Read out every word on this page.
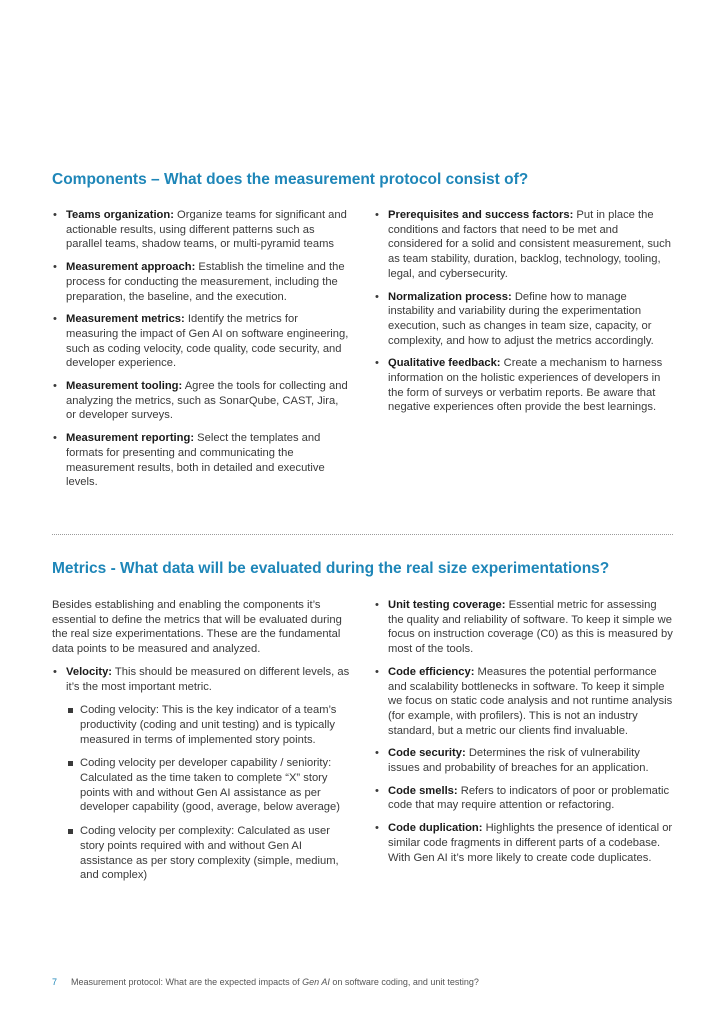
Components – What does the measurement protocol consist of?
• Teams organization: Organize teams for significant and actionable results, using different patterns such as parallel teams, shadow teams, or multi-pyramid teams
• Measurement approach: Establish the timeline and the process for conducting the measurement, including the preparation, the baseline, and the execution.
• Measurement metrics: Identify the metrics for measuring the impact of Gen AI on software engineering, such as coding velocity, code quality, code security, and developer experience.
• Measurement tooling: Agree the tools for collecting and analyzing the metrics, such as SonarQube, CAST, Jira, or developer surveys.
• Measurement reporting: Select the templates and formats for presenting and communicating the measurement results, both in detailed and executive levels.
• Prerequisites and success factors: Put in place the conditions and factors that need to be met and considered for a solid and consistent measurement, such as team stability, duration, backlog, technology, tooling, legal, and cybersecurity.
• Normalization process: Define how to manage instability and variability during the experimentation execution, such as changes in team size, capacity, or complexity, and how to adjust the metrics accordingly.
• Qualitative feedback: Create a mechanism to harness information on the holistic experiences of developers in the form of surveys or verbatim reports. Be aware that negative experiences often provide the best learnings.
Metrics - What data will be evaluated during the real size experimentations?

Besides establishing and enabling the components it’s essential to define the metrics that will be evaluated during the real size experimentations. These are the fundamental data points to be measured and analyzed.

• Velocity: This should be measured on different levels, as it’s the most important metric.
Coding velocity: This is the key indicator of a team’s productivity (coding and unit testing) and is typically measured in terms of implemented story points.
Coding velocity per developer capability / seniority: Calculated as the time taken to complete “X” story points with and without Gen AI assistance as per developer capability (good, average, below average)
Coding velocity per complexity: Calculated as user story points required with and without Gen AI assistance as per story complexity (simple, medium, and complex)
• Unit testing coverage: Essential metric for assessing the quality and reliability of software. To keep it simple we focus on instruction coverage (C0) as this is measured by most of the tools.
• Code efficiency: Measures the potential performance and scalability bottlenecks in software. To keep it simple we focus on static code analysis and not runtime analysis (for example, with profilers). This is not an industry standard, but a metric our clients find invaluable.
• Code security: Determines the risk of vulnerability issues and probability of breaches for an application.
• Code smells: Refers to indicators of poor or problematic code that may require attention or refactoring.
• Code duplication: Highlights the presence of identical or similar code fragments in different parts of a codebase. With Gen AI it’s more likely to create code duplicates.
7 Measurement protocol: What are the expected impacts of Gen AI on software coding, and unit testing?
